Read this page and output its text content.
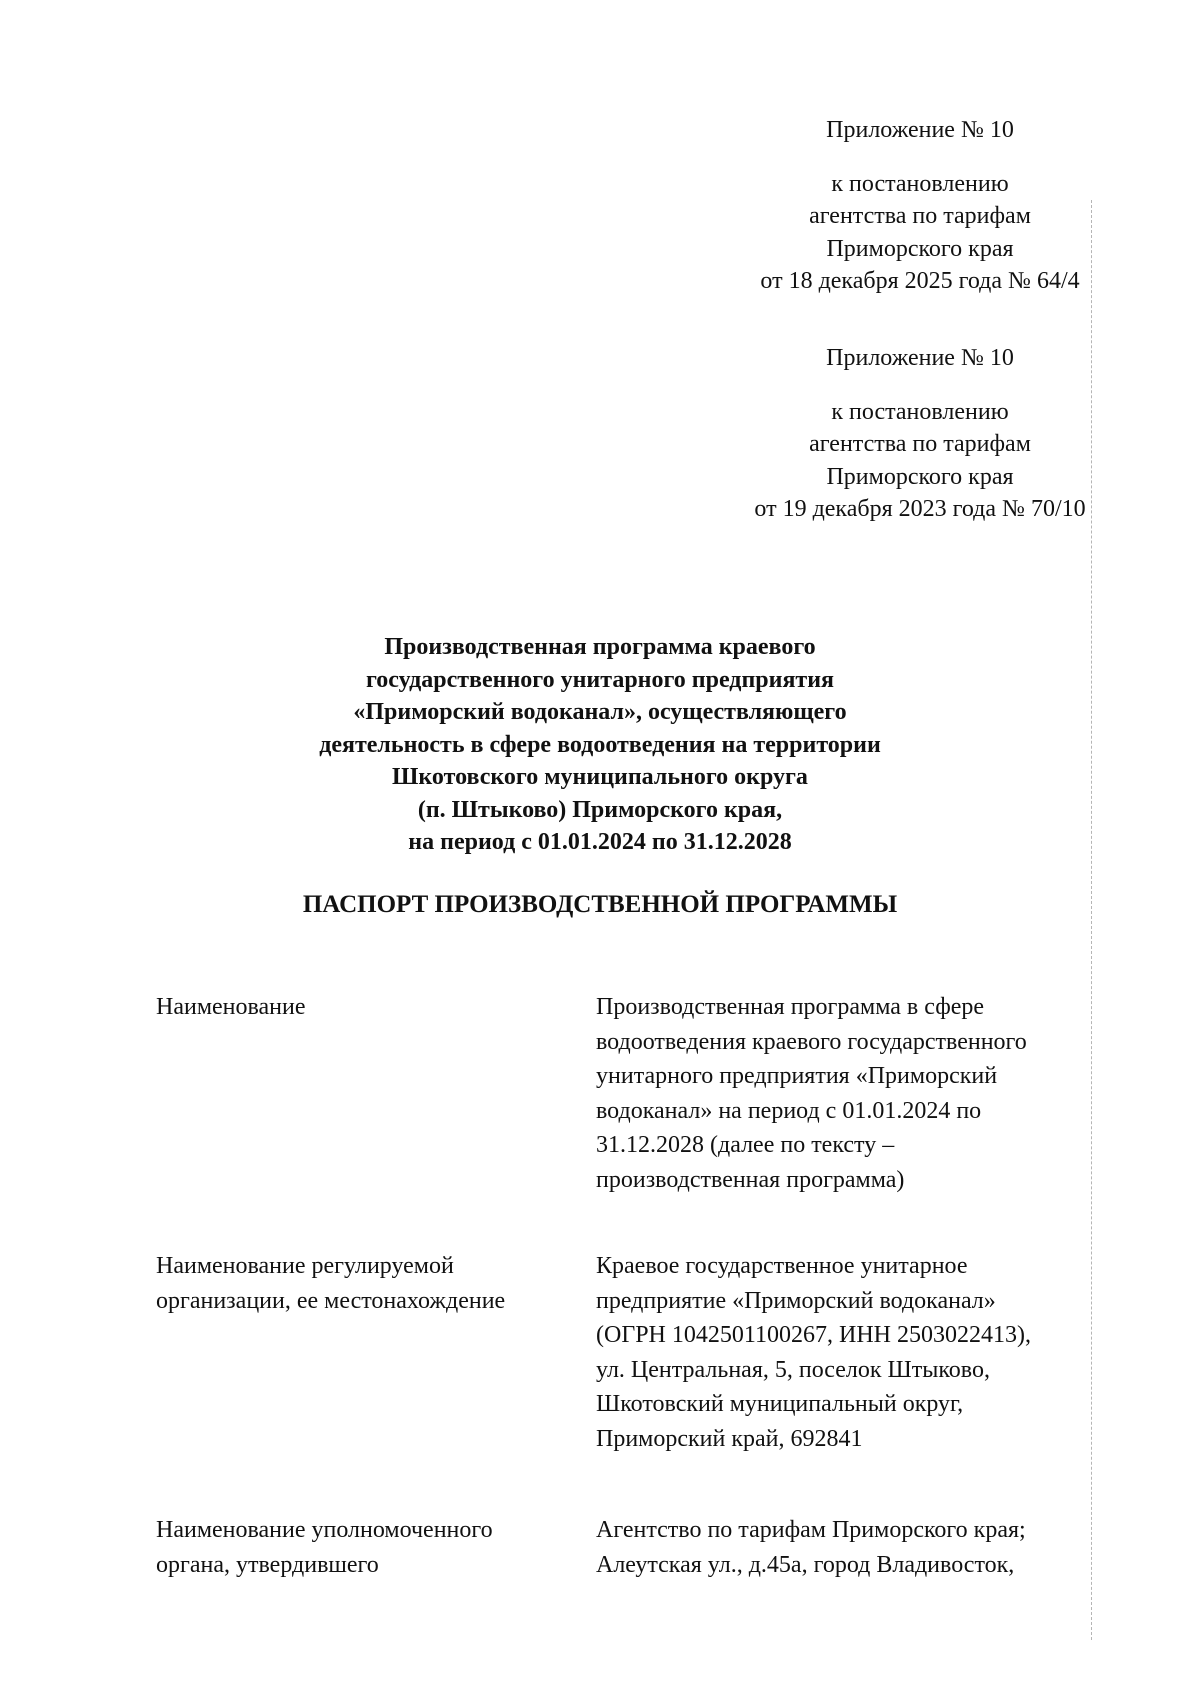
Приложение № 10
к постановлению
агентства по тарифам
Приморского края
от 18 декабря 2025 года № 64/4
Приложение № 10
к постановлению
агентства по тарифам
Приморского края
от 19 декабря 2023 года № 70/10
Производственная программа краевого
государственного унитарного предприятия
«Приморский водоканал», осуществляющего
деятельность в сфере водоотведения на территории
Шкотовского муниципального округа
(п. Штыково) Приморского края,
на период с 01.01.2024 по 31.12.2028
ПАСПОРТ ПРОИЗВОДСТВЕННОЙ ПРОГРАММЫ
Наименование	Производственная программа в сфере
водоотведения краевого государственного
унитарного предприятия «Приморский
водоканал» на период с 01.01.2024 по
31.12.2028 (далее по тексту –
производственная программа)
Наименование регулируемой
организации, ее местонахождение
Краевое государственное унитарное
предприятие «Приморский водоканал»
(ОГРН 1042501100267, ИНН 2503022413),
ул. Центральная, 5, поселок Штыково,
Шкотовский муниципальный округ,
Приморский край, 692841
Наименование уполномоченного
органа, утвердившего
Агентство по тарифам Приморского края;
Алеутская ул., д.45а, город Владивосток,
